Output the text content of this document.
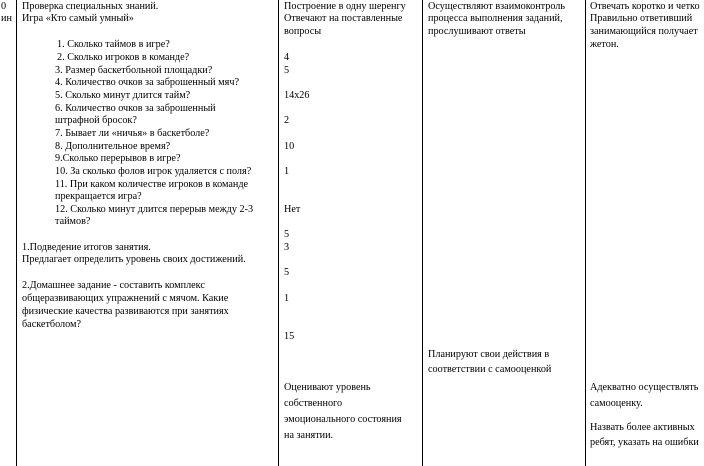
0
ин
Проверка специальных знаний.
Игра «Кто самый умный»
1. Сколько таймов в игре?
2. Сколько игроков в команде?
3. Размер баскетбольной площадки?
4. Количество очков за заброшенный мяч?
5. Сколько минут длится тайм?
6. Количество очков за заброшенный
штрафной бросок?
7. Бывает ли «ничья» в баскетболе?
8. Дополнительное время?
9.Сколько перерывов в игре?
10. За сколько фолов игрок удаляется с поля?
11. При каком количестве игроков в команде
прекращается игра?
12. Сколько минут длится перерыв между 2-3
таймов?
1.Подведение итогов занятия.
Предлагает определить уровень своих достижений.
2.Домашнее задание - составить комплекс
общеразвивающих упражнений с мячом. Какие
физические качества развиваются при занятиях
баскетболом?
Построение в одну шеренгу
Отвечают на поставленные
вопросы
4
5
14х26
2
10
1
Нет
5
3
5
1
15
Оценивают уровень
собственного
эмоционального состояния
на занятии.
Осуществляют взаимоконтроль
процесса выполнения заданий,
прослушивают ответы
Планируют свои действия в
соответствии с самооценкой
Отвечать коротко и четко
Правильно ответивший
занимающийся получает
жетон.
Адекватно осуществлять
самооценку.
Назвать более активных
ребят, указать на ошибки
